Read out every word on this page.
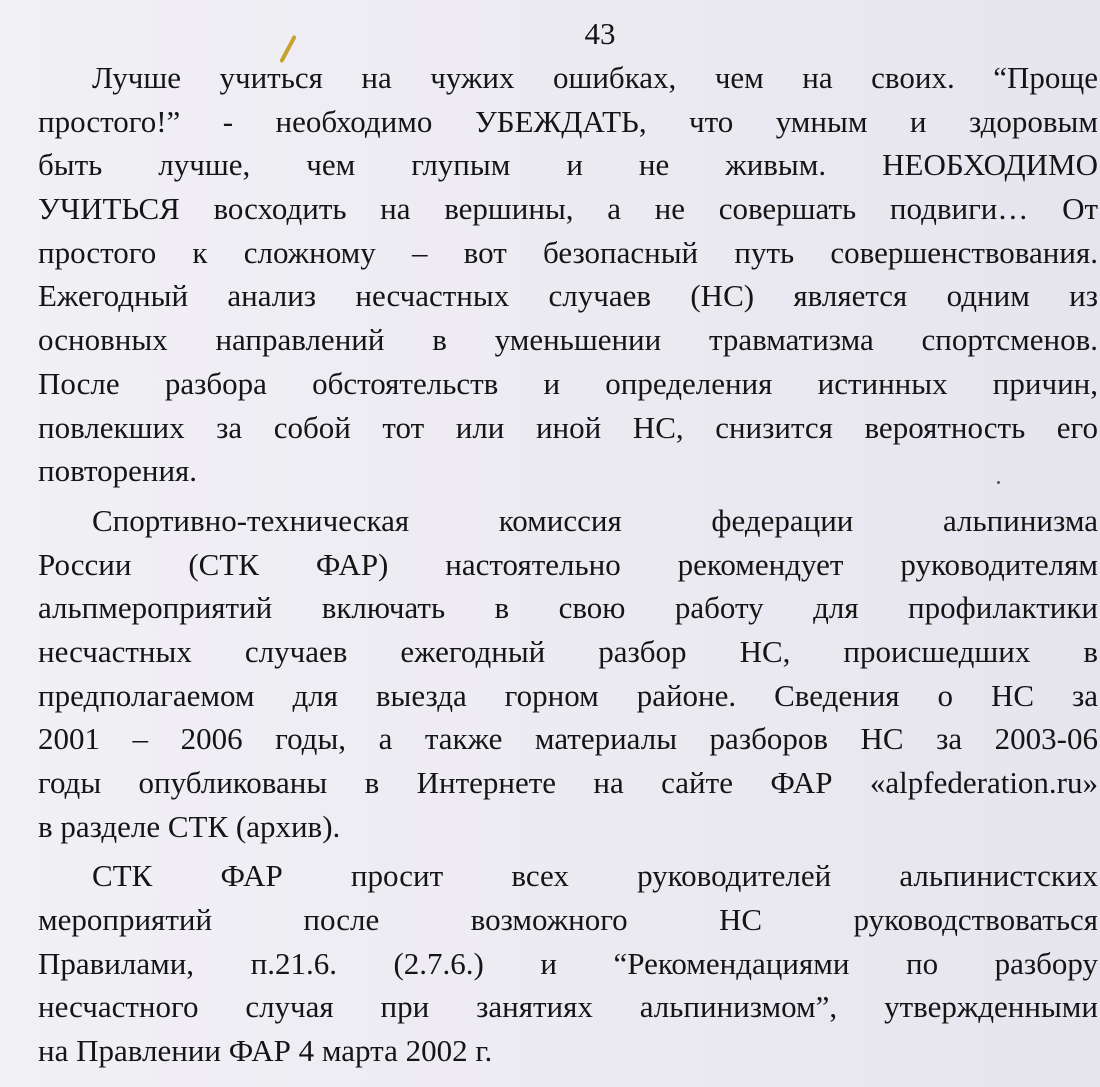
43
Лучше учиться на чужих ошибках, чем на своих. “Проще
простого!” - необходимо УБЕЖДАТЬ, что умным и здоровым
быть лучше, чем глупым и не живым. НЕОБХОДИМО
УЧИТЬСЯ восходить на вершины, а не совершать подвиги… От
простого к сложному – вот безопасный путь совершенствования.
Ежегодный анализ несчастных случаев (НС) является одним из
основных направлений в уменьшении травматизма спортсменов.
После разбора обстоятельств и определения истинных причин,
повлекших за собой тот или иной НС, снизится вероятность его
повторения.
Спортивно-техническая комиссия федерации альпинизма
России (СТК ФАР) настоятельно рекомендует руководителям
альпмероприятий включать в свою работу для профилактики
несчастных случаев ежегодный разбор НС, происшедших в
предполагаемом для выезда горном районе. Сведения о НС за
2001 – 2006 годы, а также материалы разборов НС за 2003-06
годы опубликованы в Интернете на сайте ФАР «alpfederation.ru»
в разделе СТК (архив).
СТК ФАР просит всех руководителей альпинистских
мероприятий после возможного НС руководствоваться
Правилами, п.21.6. (2.7.6.) и “Рекомендациями по разбору
несчастного случая при занятиях альпинизмом”, утвержденными
на Правлении ФАР 4 марта 2002 г.
